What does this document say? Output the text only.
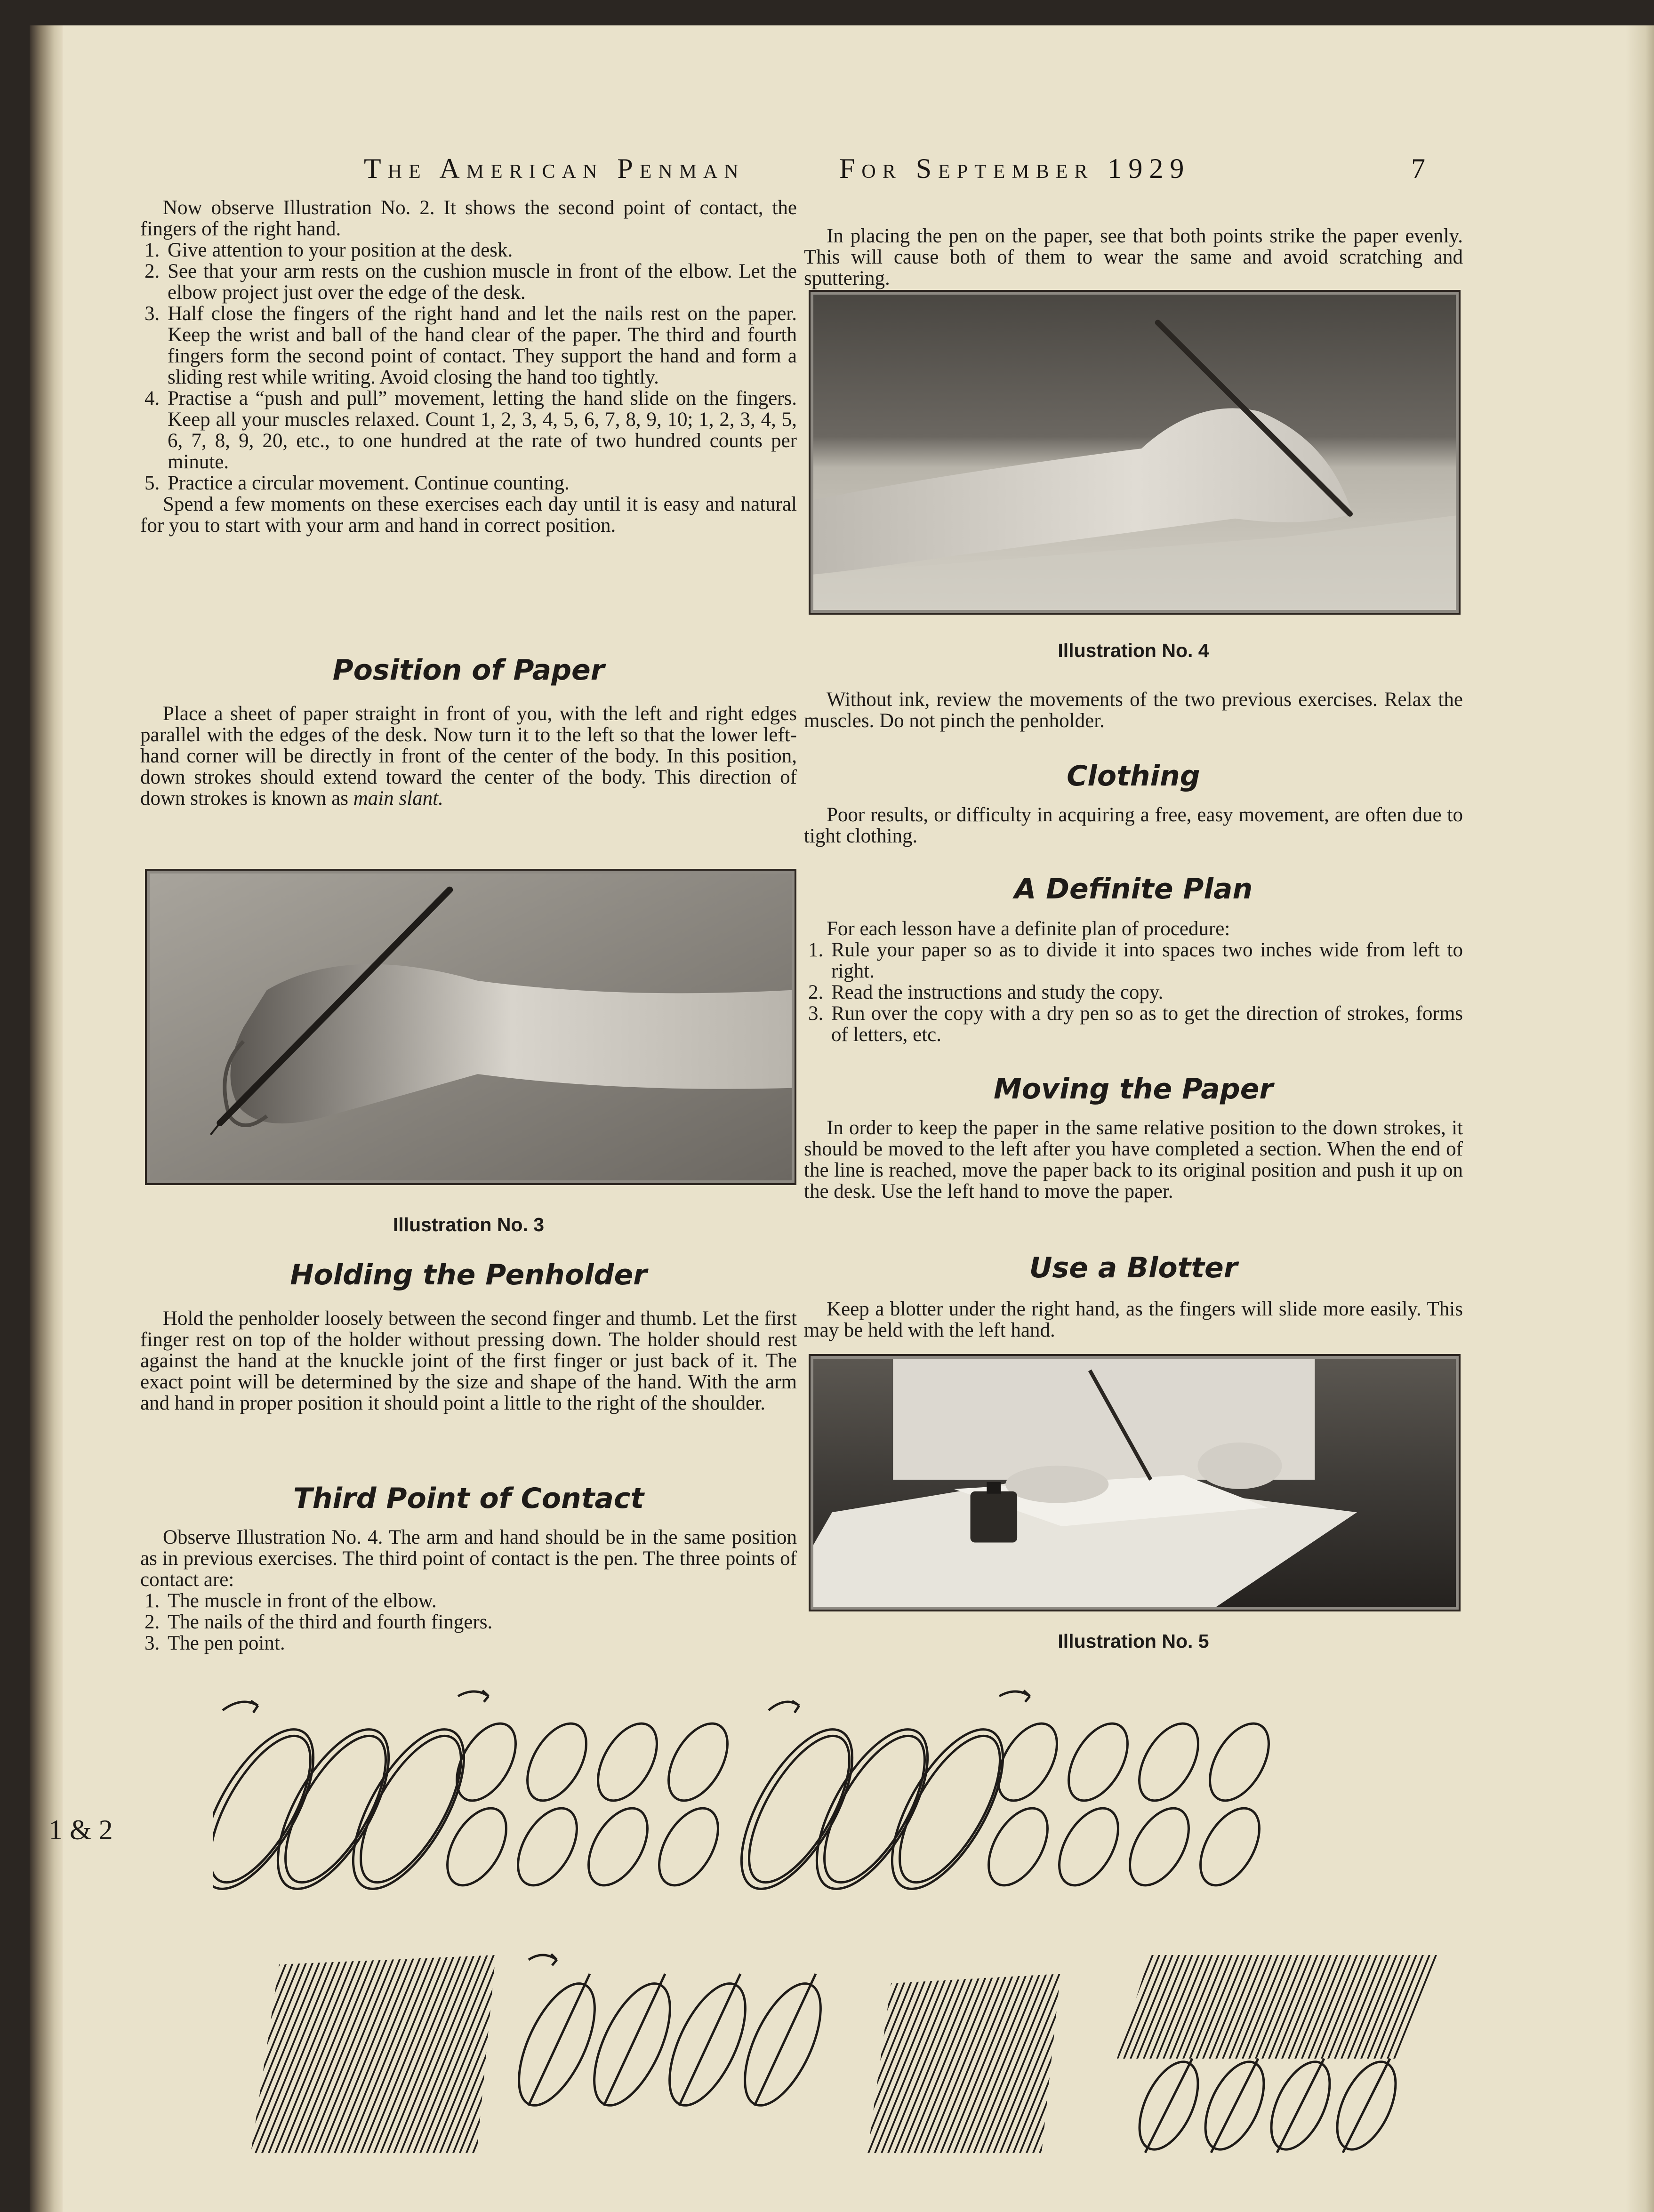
The American Penman	For September 1929	7

Now observe Illustration No. 2. It shows the second point of contact, the fingers of the right hand.

1. Give attention to your position at the desk.
2. See that your arm rests on the cushion muscle in front of the elbow. Let the elbow project just over the edge of the desk.
3. Half close the fingers of the right hand and let the nails rest on the paper. Keep the wrist and ball of the hand clear of the paper. The third and fourth fingers form the second point of contact. They support the hand and form a sliding rest while writing. Avoid closing the hand too tightly.
4. Practise a “push and pull” movement, letting the hand slide on the fingers. Keep all your muscles relaxed. Count 1, 2, 3, 4, 5, 6, 7, 8, 9, 10; 1, 2, 3, 4, 5, 6, 7, 8, 9, 20, etc., to one hundred at the rate of two hundred counts per minute.
5. Practice a circular movement. Continue counting.

Spend a few moments on these exercises each day until it is easy and natural for you to start with your arm and hand in correct position.

Position of Paper

Place a sheet of paper straight in front of you, with the left and right edges parallel with the edges of the desk. Now turn it to the left so that the lower left-hand corner will be directly in front of the center of the body. In this position, down strokes should extend toward the center of the body. This direction of down strokes is known as main slant.

Illustration No. 3

Holding the Penholder

Hold the penholder loosely between the second finger and thumb. Let the first finger rest on top of the holder without pressing down. The holder should rest against the hand at the knuckle joint of the first finger or just back of it. The exact point will be determined by the size and shape of the hand. With the arm and hand in proper position it should point a little to the right of the shoulder.

Third Point of Contact

Observe Illustration No. 4. The arm and hand should be in the same position as in previous exercises. The third point of contact is the pen. The three points of contact are:

1. The muscle in front of the elbow.
2. The nails of the third and fourth fingers.
3. The pen point.

In placing the pen on the paper, see that both points strike the paper evenly. This will cause both of them to wear the same and avoid scratching and sputtering.

Illustration No. 4

Without ink, review the movements of the two previous exercises. Relax the muscles. Do not pinch the penholder.

Clothing

Poor results, or difficulty in acquiring a free, easy movement, are often due to tight clothing.

A Definite Plan

For each lesson have a definite plan of procedure:

1. Rule your paper so as to divide it into spaces two inches wide from left to right.
2. Read the instructions and study the copy.
3. Run over the copy with a dry pen so as to get the direction of strokes, forms of letters, etc.
Moving the Paper

In order to keep the paper in the same relative position to the down strokes, it should be moved to the left after you have completed a section. When the end of the line is reached, move the paper back to its original position and push it up on the desk. Use the left hand to move the paper.

Use a Blotter

Keep a blotter under the right hand, as the fingers will slide more easily. This may be held with the left hand.

Illustration No. 5

1 & 2
